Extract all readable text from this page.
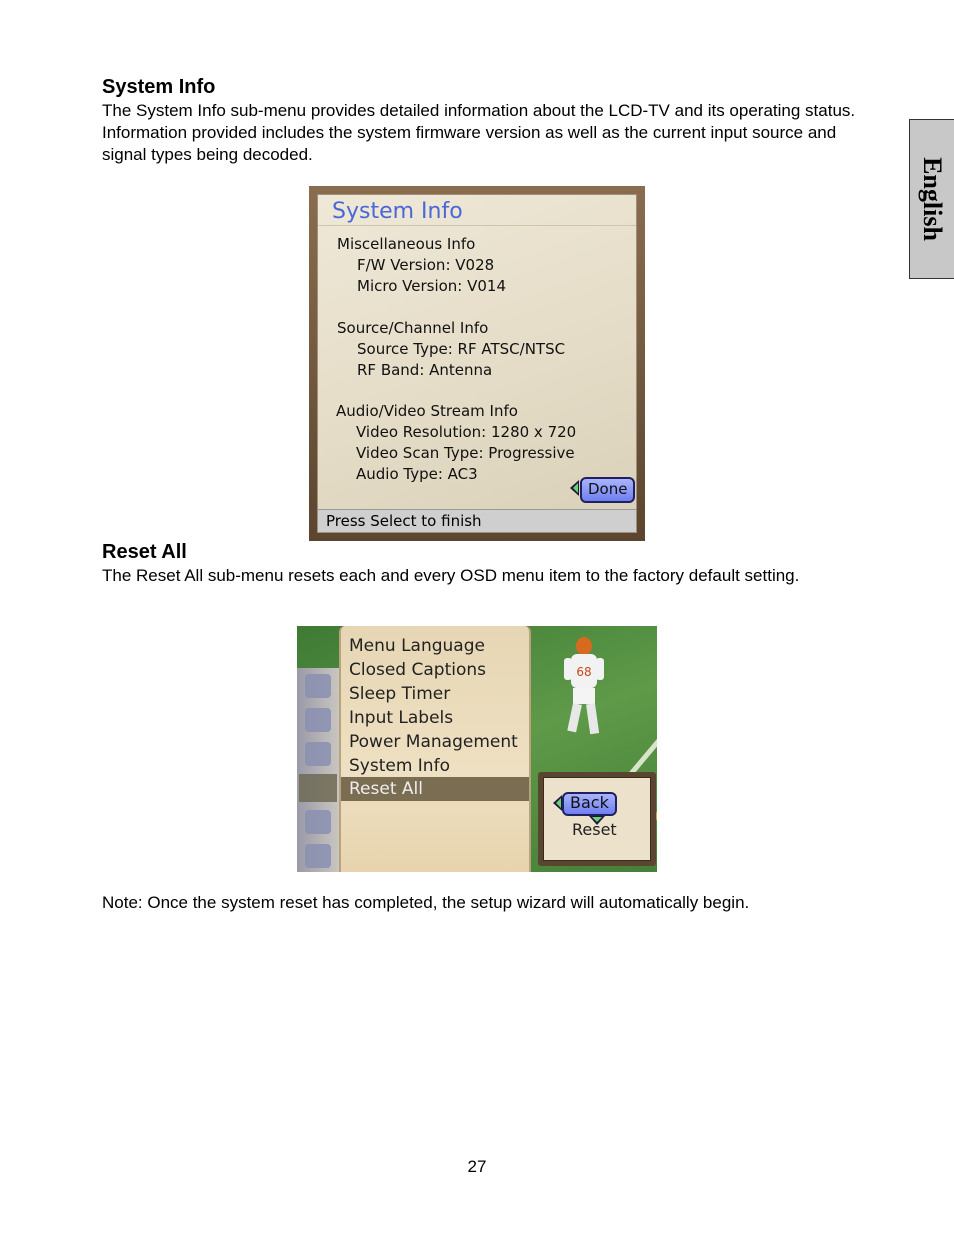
English
System Info

The System Info sub-menu provides detailed information about the LCD-TV and its operating status. Information provided includes the system firmware version as well as the current input source and signal types being decoded.

System Info
Miscellaneous Info
F/W Version: V028
Micro Version: V014
Source/Channel Info
Source Type: RF ATSC/NTSC
RF Band: Antenna
Audio/Video Stream Info
Video Resolution: 1280 x 720
Video Scan Type: Progressive
Audio Type: AC3
Done
Press Select to finish
Reset All

The Reset All sub-menu resets each and every OSD menu item to the factory default setting.

68
Menu Language
Closed Captions
Sleep Timer
Input Labels
Power Management
System Info
Reset All
Back
Reset

Note: Once the system reset has completed, the setup wizard will automatically begin.

27
